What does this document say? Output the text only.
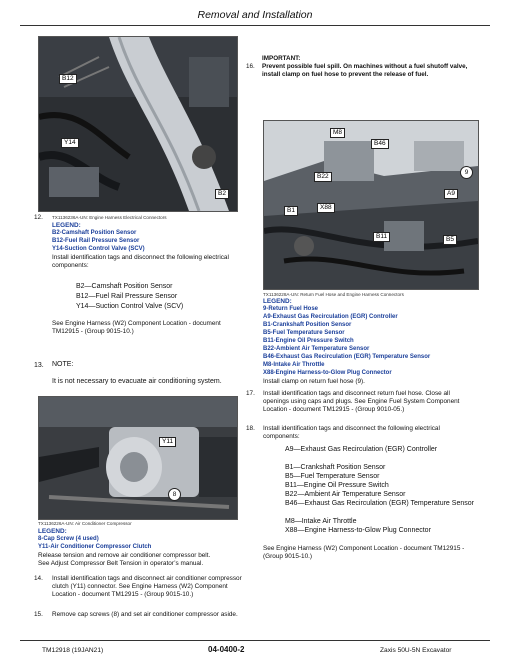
Removal and Installation
B12
Y14
B2
12. TX1136236A-UN: Engine Harness Electrical Connectors
LEGEND:
B2-Camshaft Position Sensor
B12-Fuel Rail Pressure Sensor
Y14-Suction Control Valve (SCV)
Install identification tags and disconnect the following electrical components:
B2—Camshaft Position Sensor
B12—Fuel Rail Pressure Sensor
Y14—Suction Control Valve (SCV)
See Engine Harness (W2) Component Location - document TM12915 - (Group 9015-10.)
13. NOTE:
It is not necessary to evacuate air conditioning system.
Y11
8
TX1136226A-UN: Air Conditioner Compressor
LEGEND:
8-Cap Screw (4 used)
Y11-Air Conditioner Compressor Clutch
Release tension and remove air conditioner compressor belt.
See Adjust Compressor Belt Tension in operator’s manual.
14. Install identification tags and disconnect air conditioner compressor clutch (Y11) connector. See Engine Harness (W2) Component Location - document TM12915 - (Group 9015-10.)
15. Remove cap screws (8) and set air conditioner compressor aside.
IMPORTANT:
16. Prevent possible fuel spill. On machines without a fuel shutoff valve, install clamp on fuel hose to prevent the release of fuel.
M8
B46
9
B22
A9
X88
B1
B11	B5
TX1136228A-UN: Return Fuel Hose and Engine Harness Connectors
LEGEND:
9-Return Fuel Hose
A9-Exhaust Gas Recirculation (EGR) Controller
B1-Crankshaft Position Sensor
B5-Fuel Temperature Sensor
B11-Engine Oil Pressure Switch
B22-Ambient Air Temperature Sensor
B46-Exhaust Gas Recirculation (EGR) Temperature Sensor
M8-Intake Air Throttle
X88-Engine Harness-to-Glow Plug Connector
Install clamp on return fuel hose (9).
17. Install identification tags and disconnect return fuel hose. Close all openings using caps and plugs. See Engine Fuel System Component Location - document TM12915 - (Group 9010-05.)
18. Install identification tags and disconnect the following electrical components:
A9—Exhaust Gas Recirculation (EGR) Controller
B1—Crankshaft Position Sensor
B5—Fuel Temperature Sensor
B11—Engine Oil Pressure Switch
B22—Ambient Air Temperature Sensor
B46—Exhaust Gas Recirculation (EGR) Temperature Sensor
M8—Intake Air Throttle
X88—Engine Harness-to-Glow Plug Connector
See Engine Harness (W2) Component Location - document TM12915 - (Group 9015-10.)
TM12918 (19JAN21)	04-0400-2	Zaxis 50U-5N Excavator
